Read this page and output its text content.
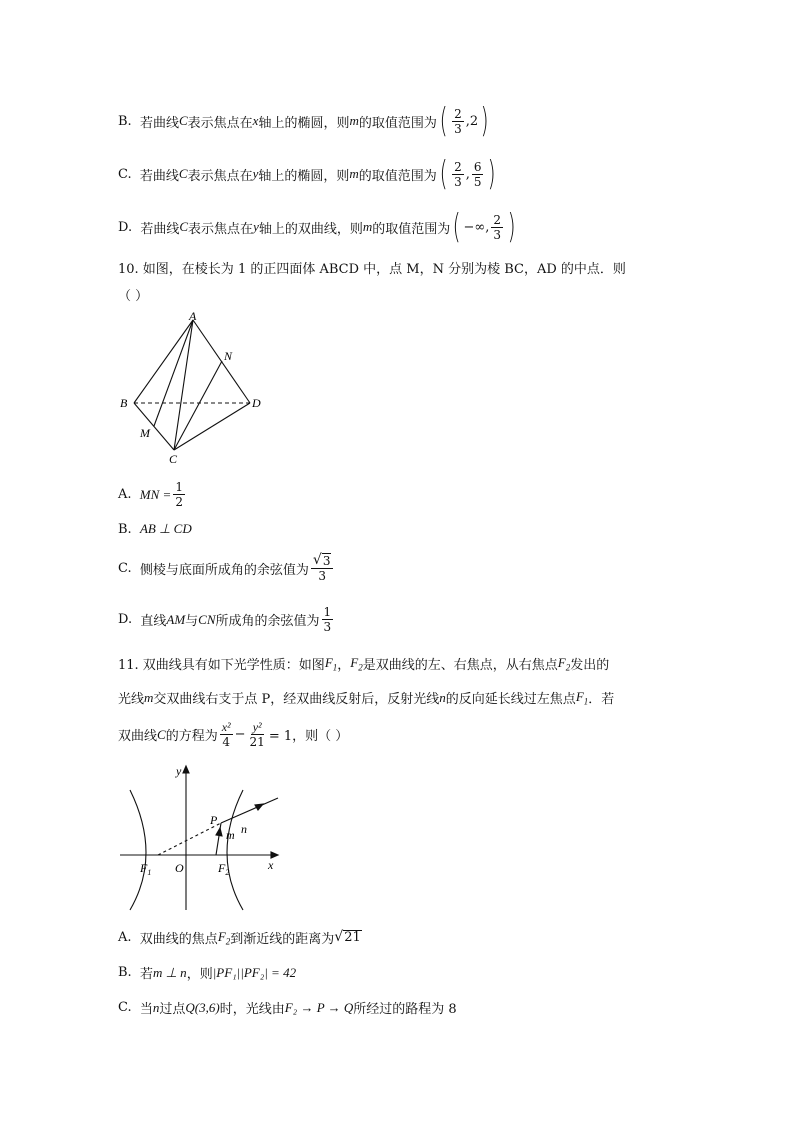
B.
若曲线 C 表示焦点在 x 轴上的椭圆，则 m 的取值范围为 ( $\frac{2}{3}$ , 2 )
C.
若曲线 C 表示焦点在 y 轴上的椭圆，则 m 的取值范围为 ( $\frac{2}{3}$ , $\frac{6}{5}$ )
D.
若曲线 C 表示焦点在 y 轴上的双曲线，则 m 的取值范围为 ( −∞, $\frac{2}{3}$ )
10. 如图，在棱长为 1 的正四面体 ABCD 中，点 M，N 分别为棱 BC，AD 的中点．则
（ ）
A
B
C
D
M
N
A.
MN = $\frac{1}{2}$
B.
AB ⊥ CD
C.
侧棱与底面所成角的余弦值为 $\frac{√ 3}{3}$
D.
直线 AM 与 CN 所成角的余弦值为 $\frac{1}{3}$
11. 双曲线具有如下光学性质：如图 $F_1$ ， $F_2$ 是双曲线的左、右焦点，从右焦点 $F_2$ 发出的
光线 m 交双曲线右支于点 P，经双曲线反射后，反射光线 n 的反向延长线过左焦点 $F_1$ ．若
双曲线 C 的方程为 $\frac{\text{x²}}{4} - \frac{\text{y²}}{21} = 1$，则（ ）
y
x
O
P
m n
$F_1$	$F_2$
A.
双曲线的焦点 $F_2$ 到渐近线的距离为 √ 21
B.
若 m ⊥ n ，则 |PF₁||PF₂| = 42
C.
当 n 过点 Q(3,6) 时，光线由 F₂ → P → Q 所经过的路程为 8
